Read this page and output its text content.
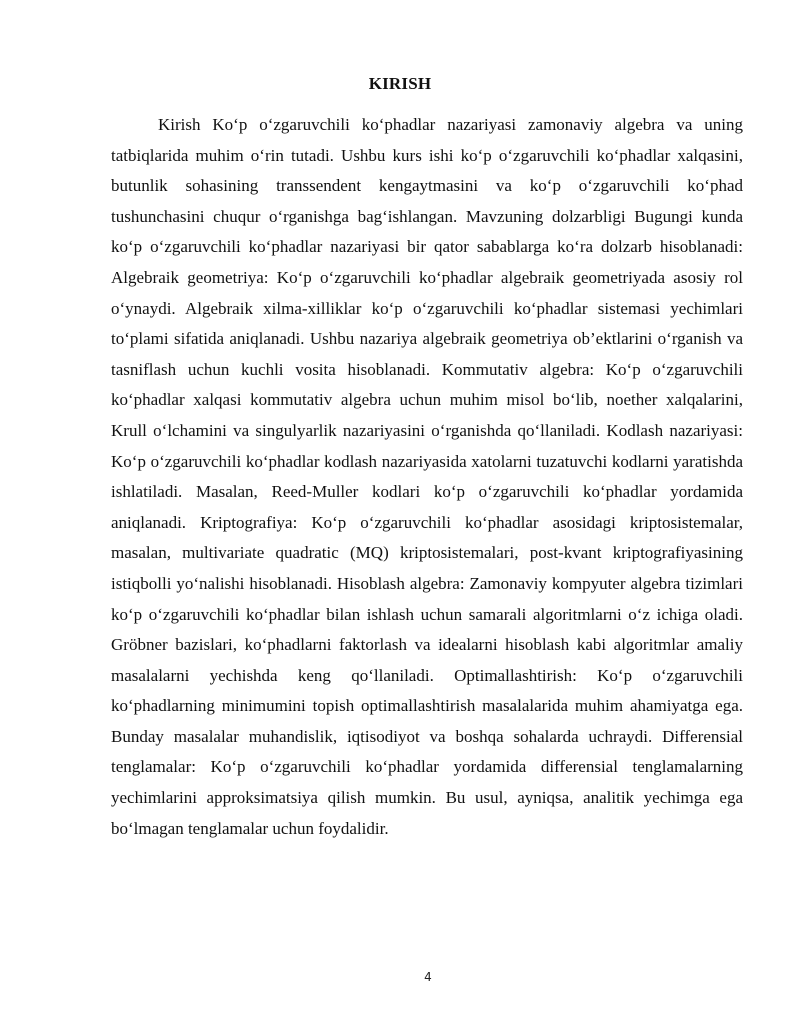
KIRISH

Kirish Ko‘p o‘zgaruvchili ko‘phadlar nazariyasi zamonaviy algebra va uning tatbiqlarida muhim o‘rin tutadi. Ushbu kurs ishi ko‘p o‘zgaruvchili ko‘phadlar xalqasini, butunlik sohasining transsendent kengaytmasini va ko‘p o‘zgaruvchili ko‘phad tushunchasini chuqur o‘rganishga bag‘ishlangan. Mavzuning dolzarbligi Bugungi kunda ko‘p o‘zgaruvchili ko‘phadlar nazariyasi bir qator sabablarga ko‘ra dolzarb hisoblanadi: Algebraik geometriya: Ko‘p o‘zgaruvchili ko‘phadlar algebraik geometriyada asosiy rol o‘ynaydi. Algebraik xilma-xilliklar ko‘p o‘zgaruvchili ko‘phadlar sistemasi yechimlari to‘plami sifatida aniqlanadi. Ushbu nazariya algebraik geometriya ob’ektlarini o‘rganish va tasniflash uchun kuchli vosita hisoblanadi. Kommutativ algebra: Ko‘p o‘zgaruvchili ko‘phadlar xalqasi kommutativ algebra uchun muhim misol bo‘lib, noether xalqalarini, Krull o‘lchamini va singulyarlik nazariyasini o‘rganishda qo‘llaniladi. Kodlash nazariyasi: Ko‘p o‘zgaruvchili ko‘phadlar kodlash nazariyasida xatolarni tuzatuvchi kodlarni yaratishda ishlatiladi. Masalan, Reed-Muller kodlari ko‘p o‘zgaruvchili ko‘phadlar yordamida aniqlanadi. Kriptografiya: Ko‘p o‘zgaruvchili ko‘phadlar asosidagi kriptosistemalar, masalan, multivariate quadratic (MQ) kriptosistemalari, post-kvant kriptografiyasining istiqbolli yo‘nalishi hisoblanadi. Hisoblash algebra: Zamonaviy kompyuter algebra tizimlari ko‘p o‘zgaruvchili ko‘phadlar bilan ishlash uchun samarali algoritmlarni o‘z ichiga oladi. Gröbner bazislari, ko‘phadlarni faktorlash va idealarni hisoblash kabi algoritmlar amaliy masalalarni yechishda keng qo‘llaniladi. Optimallashtirish: Ko‘p o‘zgaruvchili ko‘phadlarning minimumini topish optimallashtirish masalalarida muhim ahamiyatga ega. Bunday masalalar muhandislik, iqtisodiyot va boshqa sohalarda uchraydi. Differensial tenglamalar: Ko‘p o‘zgaruvchili ko‘phadlar yordamida differensial tenglamalarning yechimlarini approksimatsiya qilish mumkin. Bu usul, ayniqsa, analitik yechimga ega bo‘lmagan tenglamalar uchun foydalidir.

4
